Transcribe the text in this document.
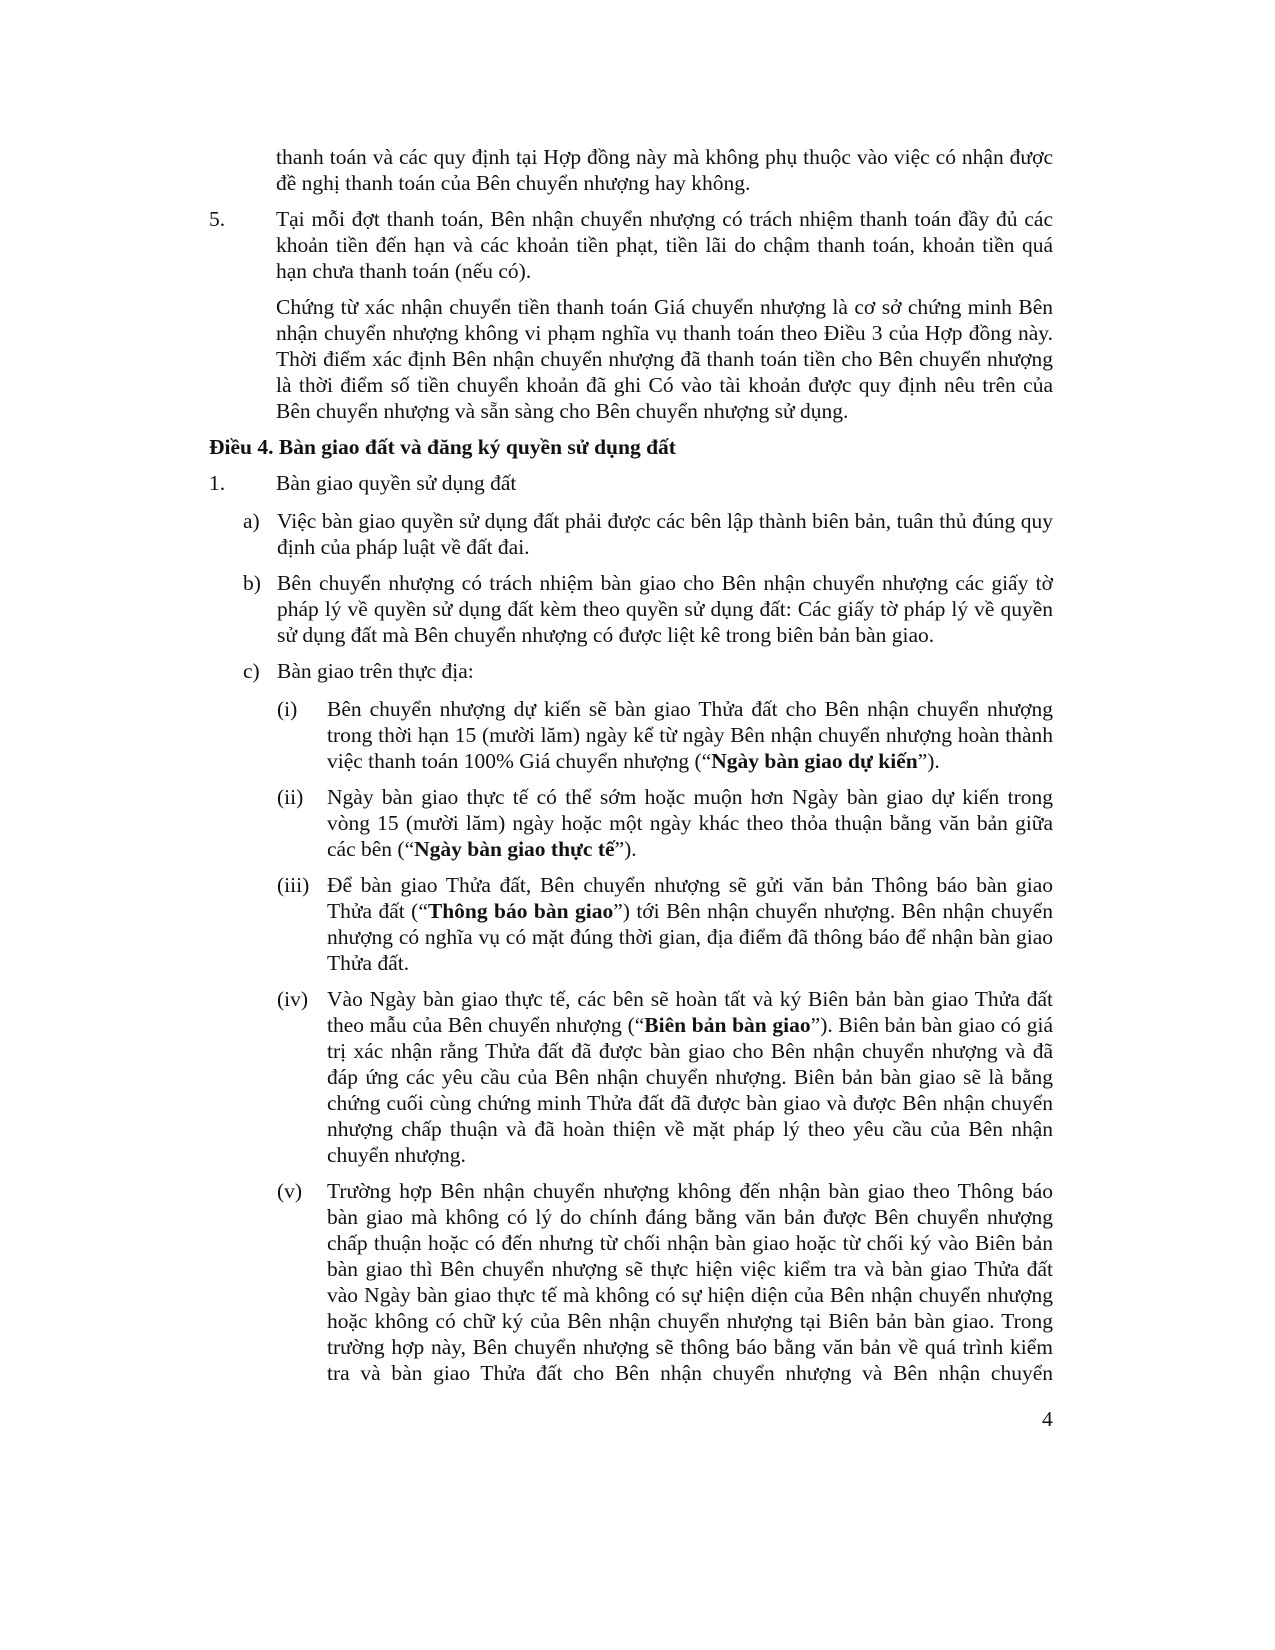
thanh toán và các quy định tại Hợp đồng này mà không phụ thuộc vào việc có nhận được đề nghị thanh toán của Bên chuyển nhượng hay không.

5. Tại mỗi đợt thanh toán, Bên nhận chuyển nhượng có trách nhiệm thanh toán đầy đủ các khoản tiền đến hạn và các khoản tiền phạt, tiền lãi do chậm thanh toán, khoản tiền quá hạn chưa thanh toán (nếu có).

Chứng từ xác nhận chuyển tiền thanh toán Giá chuyển nhượng là cơ sở chứng minh Bên nhận chuyển nhượng không vi phạm nghĩa vụ thanh toán theo Điều 3 của Hợp đồng này. Thời điểm xác định Bên nhận chuyển nhượng đã thanh toán tiền cho Bên chuyển nhượng là thời điểm số tiền chuyển khoản đã ghi Có vào tài khoản được quy định nêu trên của Bên chuyển nhượng và sẵn sàng cho Bên chuyển nhượng sử dụng.

Điều 4. Bàn giao đất và đăng ký quyền sử dụng đất

1. Bàn giao quyền sử dụng đất

a) Việc bàn giao quyền sử dụng đất phải được các bên lập thành biên bản, tuân thủ đúng quy định của pháp luật về đất đai.

b) Bên chuyển nhượng có trách nhiệm bàn giao cho Bên nhận chuyển nhượng các giấy tờ pháp lý về quyền sử dụng đất kèm theo quyền sử dụng đất: Các giấy tờ pháp lý về quyền sử dụng đất mà Bên chuyển nhượng có được liệt kê trong biên bản bàn giao.

c) Bàn giao trên thực địa:

(i) Bên chuyển nhượng dự kiến sẽ bàn giao Thửa đất cho Bên nhận chuyển nhượng trong thời hạn 15 (mười lăm) ngày kể từ ngày Bên nhận chuyển nhượng hoàn thành việc thanh toán 100% Giá chuyển nhượng (“Ngày bàn giao dự kiến”).

(ii) Ngày bàn giao thực tế có thể sớm hoặc muộn hơn Ngày bàn giao dự kiến trong vòng 15 (mười lăm) ngày hoặc một ngày khác theo thỏa thuận bằng văn bản giữa các bên (“Ngày bàn giao thực tế”).

(iii) Để bàn giao Thửa đất, Bên chuyển nhượng sẽ gửi văn bản Thông báo bàn giao Thửa đất (“Thông báo bàn giao”) tới Bên nhận chuyển nhượng. Bên nhận chuyển nhượng có nghĩa vụ có mặt đúng thời gian, địa điểm đã thông báo để nhận bàn giao Thửa đất.

(iv) Vào Ngày bàn giao thực tế, các bên sẽ hoàn tất và ký Biên bản bàn giao Thửa đất theo mẫu của Bên chuyển nhượng (“Biên bản bàn giao”). Biên bản bàn giao có giá trị xác nhận rằng Thửa đất đã được bàn giao cho Bên nhận chuyển nhượng và đã đáp ứng các yêu cầu của Bên nhận chuyển nhượng. Biên bản bàn giao sẽ là bằng chứng cuối cùng chứng minh Thửa đất đã được bàn giao và được Bên nhận chuyển nhượng chấp thuận và đã hoàn thiện về mặt pháp lý theo yêu cầu của Bên nhận chuyển nhượng.

(v) Trường hợp Bên nhận chuyển nhượng không đến nhận bàn giao theo Thông báo bàn giao mà không có lý do chính đáng bằng văn bản được Bên chuyển nhượng chấp thuận hoặc có đến nhưng từ chối nhận bàn giao hoặc từ chối ký vào Biên bản bàn giao thì Bên chuyển nhượng sẽ thực hiện việc kiểm tra và bàn giao Thửa đất vào Ngày bàn giao thực tế mà không có sự hiện diện của Bên nhận chuyển nhượng hoặc không có chữ ký của Bên nhận chuyển nhượng tại Biên bản bàn giao. Trong trường hợp này, Bên chuyển nhượng sẽ thông báo bằng văn bản về quá trình kiểm tra và bàn giao Thửa đất cho Bên nhận chuyển nhượng và Bên nhận chuyển

4
